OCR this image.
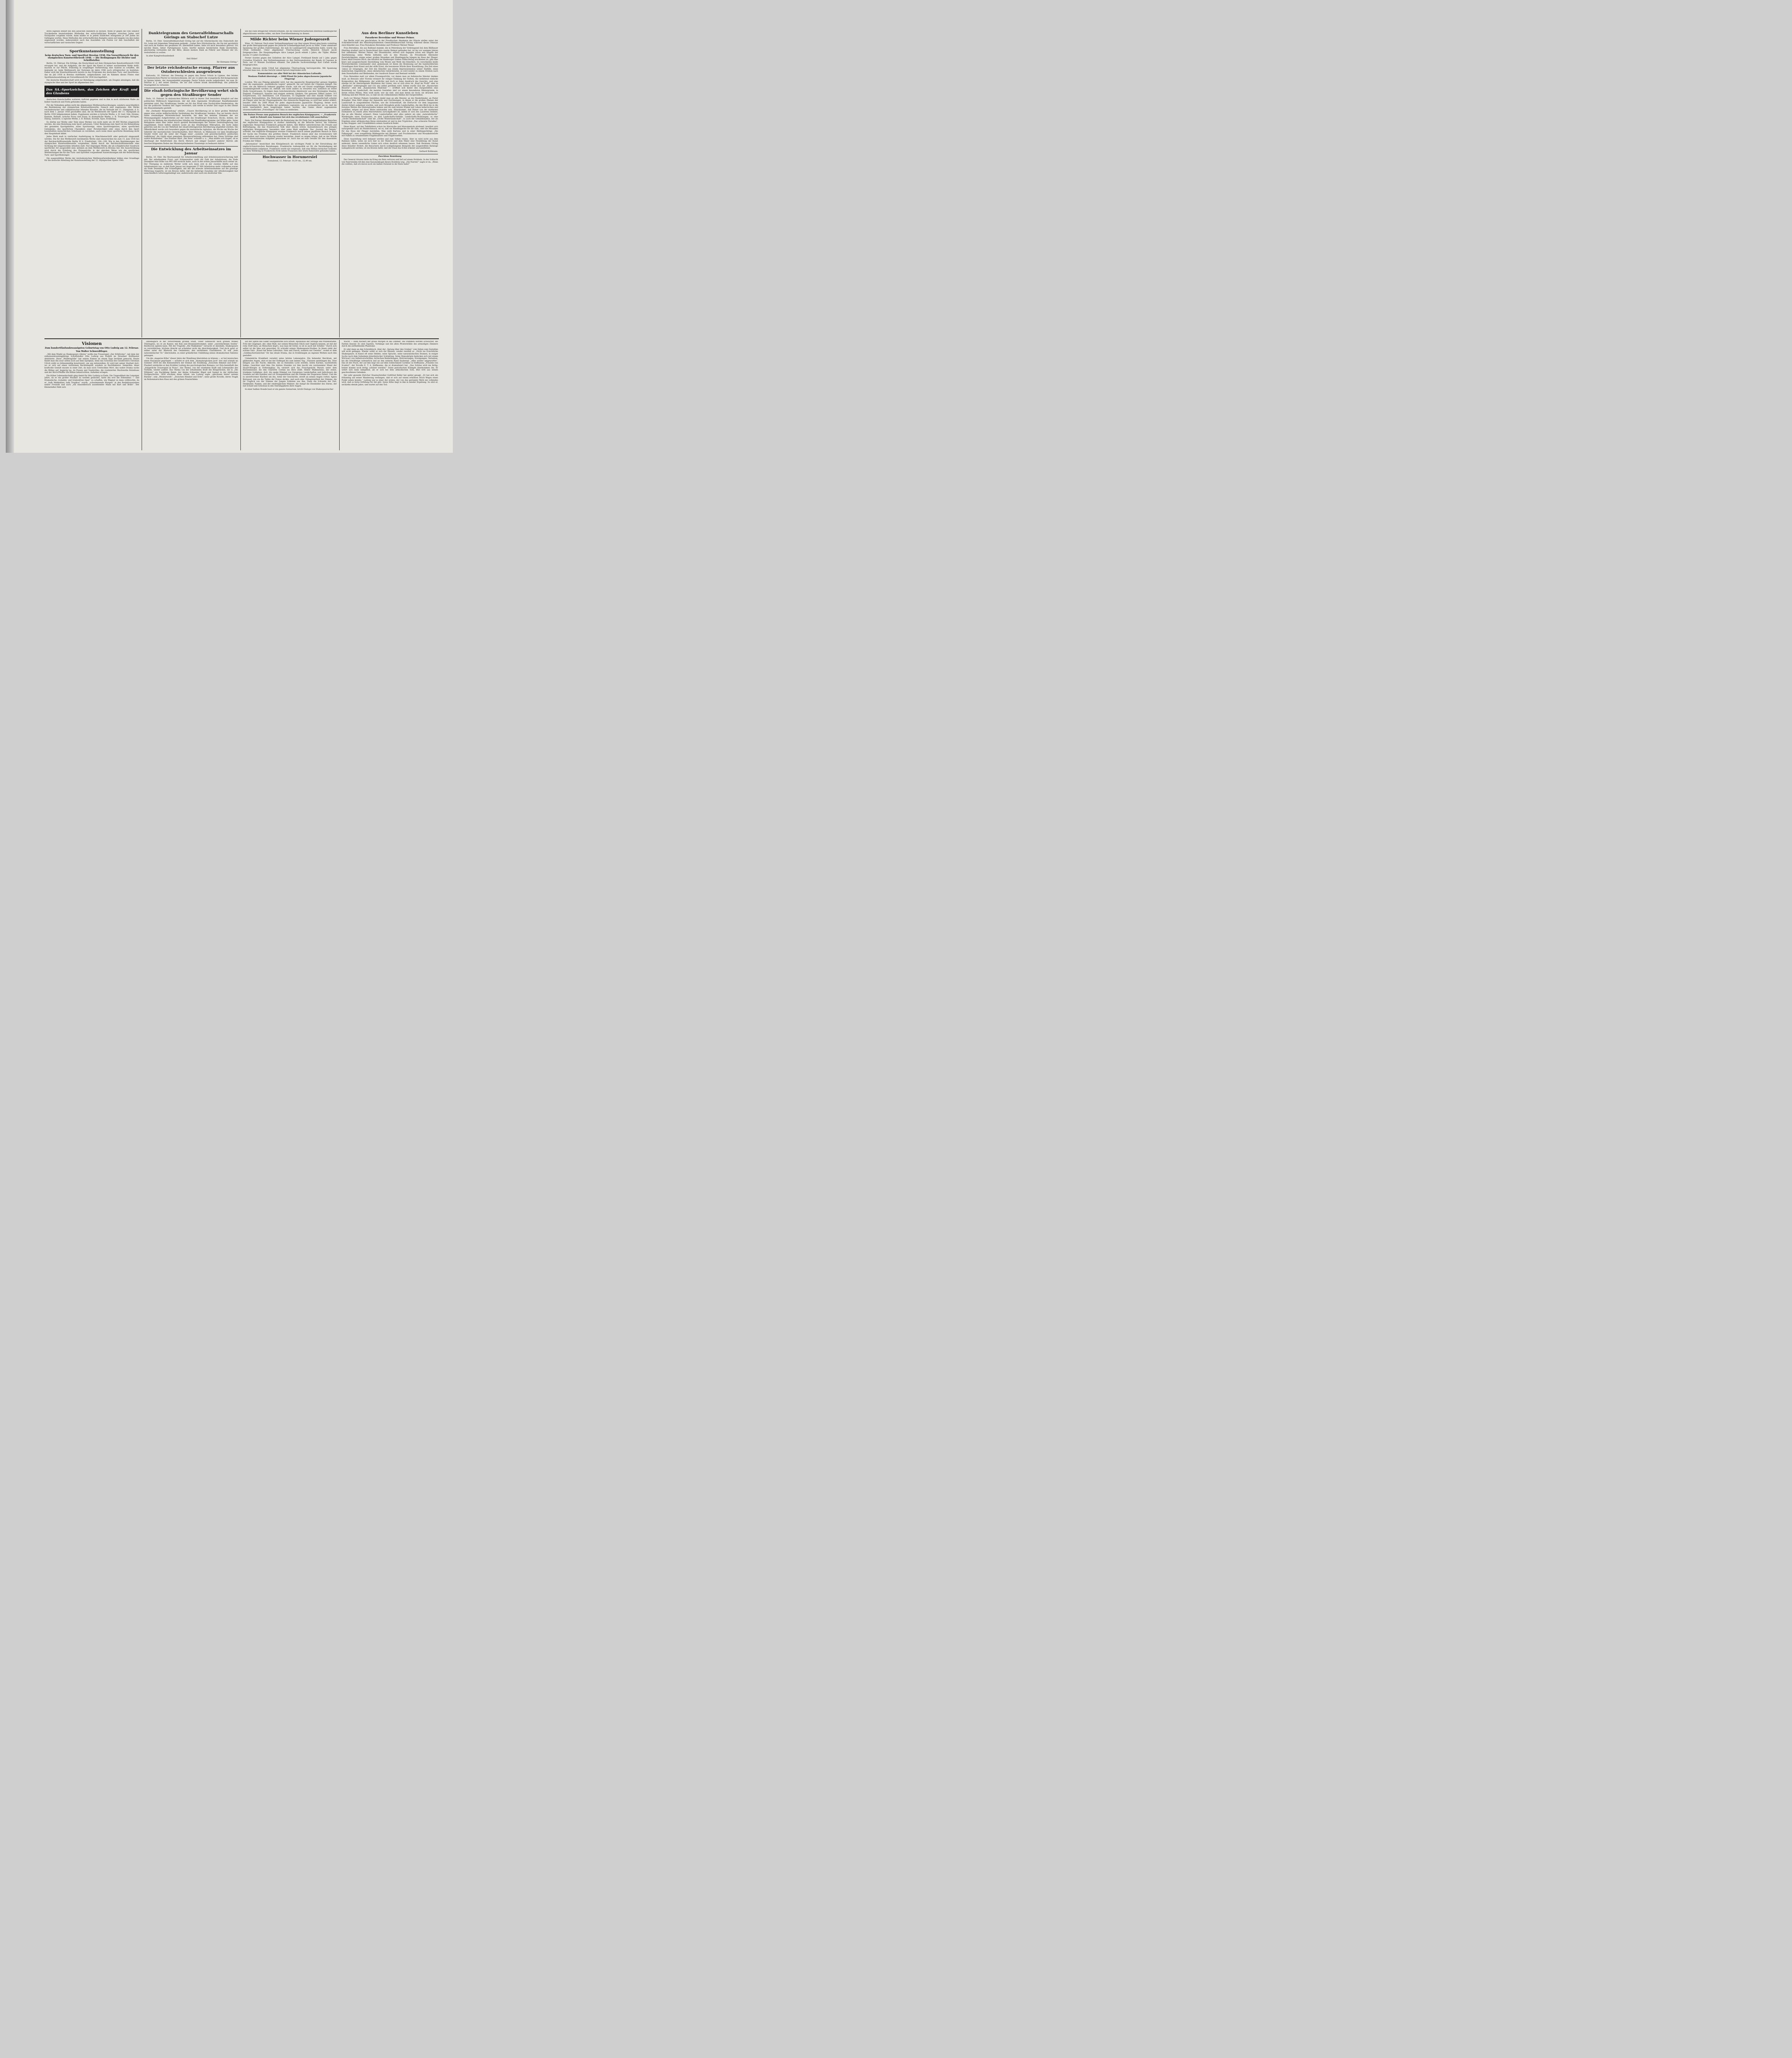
ihren eigenen Bedarf bei den jüdischen Händlern zu decken. Wenn er gegen die vom Senator Trockenheim beanstandeten Methoden des wirtschaftlichen Kampfes zwischen Juden und Nichtjuden vorgehen würde, dann müßte er in jedem Städtchen wenigstens je 200 Juden ins Gefängnis werfen. Diese Methoden des wirtschaftlichen Kampfes seien seit langem von den Juden angewandt worden, insbesondere auch das Ausstellen von Posten vor den Geschäften der wirtschaftlichen und rassischen Gegner.

Sportkunstausstellung
beim deutschen Turn- und Sportfest Breslau 1938. Ein Vorwettbewerb für den olympischen Kunstwettbewerb 1940. — Die Bedingungen für Dichter und Schriftsteller.

Berlin, 10. Februar. Die Erfolge, die Deutschland auf dem Olympischen Kunstwettbewerb 1936 errungen hat, und die Aufgaben, die der Sport der Kunst in immer wachsendem Maße stellt, machen es zur Pflicht, frühzeitig in sorgfältiger Vorbereitung eine Auslese zu schaffen, die imstande ist, beim Wettbewerb der Nationen im Jahre 1940 noch erfolgreicher zu bestehen. Daher wird der Kunstwettbewerb bereits in das Programm des deutschen Turn- und Sportfestes, das im Juli 1938 in Breslau stattfindet, aufgenommen und im Rahmen dieses Festes eine Sportkunstausstellung als Vorwettbewerb für 1938 durchgeführt.

Die deutsche Künstlerschaft wird zur Beteiligung aufgefordert, um Zeugnis abzulegen, daß die olympische Idee und der Sport im allgemeinen den

Das SA.-Sportzeichen, das Zeichen der Kraft und des Glaubens

deutschen Kunstschaffen weiteren Auftrieb gegeben und in ihm in noch stärkerem Maße als bisher Ausdruck und Form gefunden haben.

Für die Teilnahme gelten nicht die allgemeinen Wettbewerbsordnungen, sondern ausschließlich die Bestimmung des olympischen Kunstwettbewerbs. Danach sind zugelassen: Alle Werke reichsdeutscher und volksdeutscher lebender Künstler, die im Verlaufe der 11. Olympiade, d. h. nach dem 1. Januar 1936 geschaffen sind, die im Wettbewerb der Spiele der 11. Olympiade in Berlin 1936 teilgenommen haben. Zugelassen werden a) lyrische Werke, z. B. Lied, Ode, Hymne, Kantate, Ballade, lyrische Prosa und Essay, b) dramatische Werke, z. B. Trauerspiel, Hörspiel, Dialog, Szenerie, c) epische Werke, z. B. Roman, Novelle, Epos, Erzählung.

Es dürfen nur Werke oder Teile eines Werkes von nicht mehr als 20 000 Worten eingereicht werden, die eine Beziehung zum Sport aufweisen. Unter Beziehung zum Sport ist die Behandlung des gesamten Sportgebietes, eines Sportzweigs, eines Sportereignisses, eines sportlichen Gedankens, des sportlichen Charakters einer Persönlichkeit oder eines durch den Sport beeinflußten menschlichen Schicksals zu verstehen, auch wenn diese sportliche Beziehung nicht den Hauptinhalt bildet.

Jedes Werk muß in vierfacher Ausfertigung in Maschinenschrift oder gedruckt eingesandt werden. Die für den Wettbewerb bestimmten Werke sind einzureichen bis zum 15. Juni 1938 bei der Reichsschrifttumsstelle Berlin W 8, Friedrichstr. 194—199. Wie in den Bestimmungen des olympischen Kunstwettbewerbs vorgesehen, findet durch die Reichsschrifttumsstelle eine Sichtung der eingereichten Arbeiten statt. Nur diejenigen Werke, die als schöpferischer Ausdruck sportlicher Art ausgewählt sind, nehmen an dem Wettbewerb in Breslau teil. Die Ausschreibung wird durch die Erteilung des Preisgerichts in der gleichen Weise wie die sportlichen Wettleistungen die für das Turn- und Sportfest vorgesehene Auszeichnungen mit der Bezeichnung Turn- und Sportfestsieger.

Die ausgewählten Werke der reichsdeutschen Wettbewerbsteilnehmer bilden eine Grundlage für die deutsche Abteilung der Kunstausstellung der 12. Olympischen Spiele 1940.

Danktelegramm des Generalfeldmarschalls Görings an Stabschef Lutze

Berlin, 10. Febr. Generalfeldmarschall Göring hat auf die Glückwünsche des Stabschefs der SA. Lutze mit folgendem Telegramm gedankt: „Lieber Ihre Glückwünsche, die Sie mir persönlich und auch im Namen der gesamten SA. übermittelt haben, habe ich mich besonders gefreut. Ich möchte Ihnen, lieber Parteigenosse Lutze, hierfür meinen herzlichsten Dank übermitteln, gleichzeitig verbunden mit der Bitte, diesen meinen Dank an Führer und Männer der SA. weiterleiten zu wollen.

In alter Kampfverbundenheit

Heil Hitler!

Ihr Hermann Göring."

Der letzte reichsdeutsche evang. Pfarrer aus Ostoberschlesien ausgewiesen

Kattowitz, 10. Februar. Am Dienstag ist gegen den Pastor Scholz in Lipiene, den letzten reichsdeutschen Pfarrer in Ostoberschlesien, der als 12 Jahre die evangelische Kirchengemeinde in Lipiene leitete, der Ausweisbefehl ergangen. Pastor Scholz wurde aufgefordert, bis zum 28. Februar d. J. mit seiner Ehefrau, die zur Zeit schwer krank darniederliegt, das polnische Staatsgebiet zu verlassen.

Die elsaß-lothringische Bevölkerung wehrt sich gegen den Straßburger Sender

Paris, 10. Februar. In elsässischen Blättern wird in letzter Zeit besonders dringlich auf den politischen Mißbrauch hingewiesen, der mit dem regionalen Straßburger Rundfunksender getrieben wird. Der Straßburger Sender sei für das Elsaß eine Nachrichten-Sendestation, die nur die politische Tendenz des Tages verbreitet, und werde in letzter Zeit sogar in den Dienst des Klassenkampfes gestellt.

Die „Dorbader Bürgerzeitung“ erklärt: „Unsere Bevölkerung ist in ihrer großen Mehrheit gegen eine solche mißbräuchliche Verdrehung des Straßburger Senders. Das sei bereits durch einen zweimaligen Hörerentscheid bewiesen, bei dem die meisten Stimmen der zur Meinungsabgabe Aufgefordeten auf der Seite des Straßburger Domchors, Hochs, stehen, der sich für die Bildung des künstlerischen Inhaltes der Rundfunkprogramme viel Mühe gebe. Seine Befugnisse seien aber leider durch speziell Bestimmungen der Pariser Zentralregierung fast eingedämmt. Diese ließen nämlich Leute an das Straßburger Mikrophon, die nicht dahin gehörten und die von der Mehrheit der elsaß-lothringischen Bevölkerung abgelehnt würden. Die Öffentlichkeit werde sich besonders gegen die marxistische Agitation, die Woche um Woche der Sekretär der marxistischen Gewerkschaften, Herr Mersch, in Mülhausen vor dem Straßburger Sender treibt und die unter der Flagge einer „sozialen und gewerkschaftlich politischen Aufklärung“ die Gipfel einer gemeinen Massenverhetzung erklommen hat. Diese Vorträge sind wahre Brandreden.“ Das Elsässer Blatt „Der Bote“ schreibt u. a.: „Man müßte sich fragen, ob es überhaupt der Redefreiheit des Herrn Mersch und einiger hundert anderer Herren alle beschwichtigenden Reden des Ministerpräsidenten Chautemps zu bedauern hätten.“

Die Entwicklung des Arbeitseinsatzes im Januar

Berlin, 10. Febr. Die Reichsanstalt für Arbeitsvermittlung und Arbeitslosenversicherung teilt mit: Bei anhaltendem Frost- und Schneewetter zieht die Zahl der Arbeitslosen, die Ende Dezember eine Höhe von 995 000 erreicht hatte, auch in der ersten Januarhälfte noch weiter an. Der Übergang zu milderem Wetter wirkt sich dann erst in der zweiten Hälfte auf den Arbeitseinsatz aus, so daß Ende Januar nur insgesamt 57 000 Arbeitslose mehr vorhanden waren als Ende Dezember. Die Schnelligkeit, mit der die erneute Arbeitsaufnahme auf die günstige Witterung reagierte, ist ein Beweis dafür, daß die bisherige Zunahme der Arbeitslosigkeit fast ausschließlich witterungsbedingt war, andererseits aber auch ein deutlicher Hin-

wie die Fälle dringlicher Arbeitsvorhaben, die im volkswirtschaftlichen Interesse baldmöglichst abgeschlossen werden sollen, um ihrer Zweckbestimmung zu dienen.

Milde Richter beim Wiener Judenprozeß

Wien, 10. Februar. Nach einer Verhandlungsdauer von über einem Monat ging heute vormittag der große Betrugsprozeß gegen die jüdische Schieberfippschaft Jacob zu Ende. Unter atemloser Spannung der großen Zuhörermenge, die sich im Landesgericht eingefunden hatte, wurde das Urteil verkündet. Unter allgemeiner Überraschung wurde Heinrich Eduard Jacob freigesprochen. Die Hauptangeklagte Alice Lampel Jacob erhielt 2 Jahre, die 70jähr. Mutter Jacobs 1½ Jahre Zuchthaus.

Ferner wurden gegen den Geliebten der Alice Lampel, Ferdinand Kende auf 1 Jahr, gegen Cornelius Friedrich, den Verbindungsmann zu den Vertrauensleuten der Bande Al Capones in Paris, auf 15 Monate Zuchthaus erkannt. Der jüdische Sachverständige Karl Caftan wurde freigesprochen.

Dieses überaus milde Urteil hat allgemeine Überraschung hervorgerufen. Mit Spannung erwartet man nun, ob das Gericht seinen Spruch begründen wird.

Kommunisten aus aller Welt bei der chinesischen Luftwaffe.
Moskaus Einfluß überwiegt. — 2000 Pfund für jedes abgeschossene japanische Flugzeug!

London. Wie aus Peiping gemeldet wird, hat das japanische Hauptquartier genaue Angaben über die sogenannte „ausländische Legion“ gemacht, die auf Seiten der Chinesen kämpft. Die Liste, die am Mittwoch bekannt gegeben wurde, und die auf Grund sorgfältiger Meldungen zusammengestellt worden ist, enthält, wie nicht anders zu erwarten war, natürlich an erster Stelle Sowjetrussen. Es folgen dann bolschewistische Abenteurer aus den Vereinigten Staaten, England, Frankreich, Spanien und einigen anderen Ländern. Die genauen Ziffern lauten: 315 Sowjetrussen, 152 Amerikaner, 124 Franzosen, 55 Engländer und eine Anzahl Söldner von anderen Nationalitäten. Die Mehrzahl dieser internationalen Kommunistengesellschaft arbeitet als Flieger oder bei der Flugzeugabwehr. Die chinesische Regierung, so wird hier weiter erklärt, bezahle 1000 bis 2000 Pfund für jedes abgeschossene japanische Flugzeug, ferner noch Sonderprämien für die Familie der gefallenen Legionäre; um so erstaunlicher sei es, daß die nicht unerheblich dazu beigetragen haben werden, das Ganze dieser sogenannten wissenschaftlichen „Freiwilligen“ für China zu entdecken.

Die Pariser Presse zum geplanten Besuch des englischen Königspaares. — „Frankreich muß in Zukunft zum Sommer bei sich das revolutionäre Gift ausschalten.“

Paris. Die Pariser Abendpresse hebt die Bedeutung des für Ende Juni angekündigten Besuches des englischen Königspaares in starker Anlehnung an die Besuche hervor, die früheren englischen Monarchen Frankreich gemacht haben. Alle Blätter unterstreichen die Freude und Befriedigung, die das französische Volk über diesen ersten Auslandsbesuch des jetzigen englischen Königspaares, besonders aber seine Wahl empfinde. Das „Journal des Debats“ schreibt, das englische Königspaar erweise Frankreich durch seinen geplanten Besuch in Paris der Sache des Friedens den größten Dienst. Frankreich müsse aber das revolutionäre Gift ausschalten und innere Ordnung wieder herstellen, damit es zeigen könne, daß es der Würde seiner internationalen Aufgaben gewachsen ist. Auch das sei eine Gewähr für den dauernden Frieden der Völker.

„Information“ bezeichnet den Königsbesuch als wichtigen Punkt in der Entwicklung der englisch-französischen Beziehungen. Frankreichs Außenpolitik sei für die Verständigung mit Großbritannien aufgebaut. Frankreich werde nie vergessen, daß eine Million britischer Soldaten aus dem Weltkrieg in Frankreichs Erde neben Franzosen ihre letzte Ruhestätte gefunden haben.

Hochwasser in Horumersiel

Sonnabend, 12. Februar: 10,19 vm., 22,49 nm.

Aus den Berliner Kunstleben
Paraskewe Bereskine und Werner Peiner.

Aus Berlin wird uns geschrieben: In der Preußischen Akademie der Künste stellen unter der Schirmherrschaft des Ministerpräsidenten Generalfeldmarschall Göring während dieses Februar zwei Künstler aus: Frau Paraskewe Bereskine und Professor Werner Peiner.

Frau Bereskine, die aus Rußland stammt, die in Petersburg der Vorkriegszeit bei dem Bildhauer Eberling studiert und in Deutschland ihre zweite Heimat gefunden hat, ist bis vor wenigen Jahren fast unbekannt. Werner Peiner, der Düsseldorfer, erfreut sich dagegen schon seit langem der Anerkennung; seine Werke befinden sich in den Museen, im Privatbesitz führender Persönlichkeiten, einige seiner großen Mosaiken und Wandteppiche hängen im Haus der Flieger. Ernst Adolf Dreyers Buch, das kürzlich im Hamburger Gieben Stäbe-Verlag erschienen ist, gibt eine klare und ausgezeichnete Darstellung vom Wesen und Werk des Künstlers. So verschieden beide Persönlichkeiten voneinander sind, gemeinsam ist ihnen die Besinnung auf die handwerklichen Grundlagen ihrer Kunst und der stille Ernst, die besonnene Würde ihrer Kunstübung. Die Zeit eines -ismus ist vergangen, der Zeit des Künstler aus einem Impressionismus seiner Einfälle, eines malerischen Augenblicks, eines ekstatischen Gebärdenstils, es wird wieder zu einem Streben nach dem Dauerhaften und Bleibenden, der Ausdruck Dauer und Bestand verleiht.

Frau Bereskine malt vor allem Frauenporträts, vor denen man an italienische Meister denken muß, an Benozzo oder Florenz erinnert ihr ruhiger Einklang der Farben, die entfaltend einfache Komposition des Bildganzen, der schlichte und doch so feine Ausdruck des Gesichts, und eine einzige ist ihr überzeugende Rhythmus der Linien, wie er sich etwa im „Kopf im Profil“ oder in „Betenden“ widerspiegelt und von uns selbst gerühmt wird. Selten wurde sich der „Russischen Bäuerin“ oder den „Kalamischen Mädchen“ — eröffnet sich hinter den Dargestellten eine Beziehung zur Landschaft, die meisten Gestalten sind vor einem besonderen Hintergrunde, in ihrem reinen Milieu. Man weiß nicht, wer sie sind, und man kennt sie doch; sie drücken ihre Stellung und ihre Würde aus, so daß sie ein vollkommenes Bildnis der Dargestellten.

Auch vor Werner Peiners Gemälden denkt man an alte Meister, an die Niederländer, an Pieter Breughel. Man fühlt einige der Aquarelle und Zeichnungen, in denen er die großen Ebenen der Landschaft in ausgedehnten Flächen, wie die Schwerkraft, die Ehrfurcht vor dem langsamen Atelier-Arbeit aufgebaut wurden, und auch Breughels große Landschaften, die den Blick bis in die fernsten Weiten des Hintergrundes lenken und bis zum letzten Winkel mit Leben beherrschen und ausfüllen, mögen auf diese Weise entstanden sein. Hinzukommt, daß Peiner von der modernen Dolmalerei zu einem alten Malverfahren zurückgekehrt ist, indem er sich des Lasierens bedient, das an alle Meister erinnert. Diese Landschaften sind alles andere als eine „naturalistische“ Wiedergabe eines Erschauten, es sind Landschafts-Gebilde, Landschafts-Dichtungen; so eine „Große Herbstlandschaft“ oder die „Große Winterlandschaft“, so auch der Gemäldezyklus, der als Ergebnis einer afrikanischen Reise entstanden ist und in den Tryptichon „Das schwarze Paradies“, in den Steppen- und Urwaldbildern seinen Ausdruck findet.

Diese Kunst, auf den Tafelbildern schon ins Heroische und Monumentale strebend, bewährt sich naturgemäß auch als Wandschmuck, sei es, daß sie Wandteppiche für die Säle, oder die Mosaiken für das Haus der Flieger darstellen. Man sieht Kartons und in einer Bildteppichfolge „Die Falkenjagd“, zwei ausgeführte Bildteppiche mit Blumen- und Fruchtmotiven und Mosaikentwürfe mit Falken zu ornamentalen Flügelmustern und Flügelrosetten.

Diese Ausstellung wird bekannt werden und zum Sehen reizen. Aber es wird nicht aus dem Rahmen fallen, wenn sie sich hier in der Malerei und dem Maler eine Neubildung der Kunst andeutet, deren wesentliche Linien sich schon deutlich erkennen lassen. Daß Hermann Göring diese Künstler fördert, die Besuchern durch wohlgelungene Beispiele der ausgestellten Kataloge nahegebracht werden, ist ein Beweis dafür, daß der Staat das Echte erkennt und anerkennt.

Gerhard Bohlmann.
Zwecklose Bemühung

Der General Alvarez hatte im Krieg ein Bein verloren und lief auf einem Holzbein. In der Schlacht von Neerwinden riß ihm eine Kanonenkugel dieses Holzbein weg. „Die Narren!“ sagte er da. „Wenn die wüßten, daß ich davon noch ein halbes Dutzend in der Kiste habe!“

Visionen
Zum hundertfünfundzwanzigsten Geburtstag von Otto Ludwig am 12. Februar.
Von Walter Schwerdtfeger.

„Mit dem Wipfel an Shakespeare rühren“ wollte das Trauerspiel „Der Erbförster“, mit dem der siebenundzwanzigjährige Schriftsteller Otto Ludwig aus Eisfeld im Dresdner Hoftheater debütierte. Diese „Waldtragödie“ hat seinen Namen an einem Tage berühmt gemacht. Heute findet man ihn zwar selten noch auf dem Spielplan, denn das Schicksal des Gutsförsters Christian Ulrich wirkt zu bühnenmäßig konstruiert, um uns mitzureißen. Er wird mit seiner Sturheit dort, wo er sich auf einen verlorenen Rechtsbegriff, sondern zu Rechthaberei. Immerhin: diese kraftvolle Gestalt musste in einer Zeit, da man noch Treitschkes Wort, das wahre Drama suche die Bühne auf, begierig las, da Possen und Vaudevilles, die routinierten Machwerke Kotzebues und der Birch-Pfeiffer die Bühne beherrschten, Aufsehen erregen.

Ein früher Lebensabschnitt ging damit für Otto Ludwig zu Ende. Die Ungewißheit der Leipziger Jahre, da er ein großer Musiker zu werden gedachte, hatte ihn erst die Erkenntnis — und Dramatische, rouladen- und tirabenfreie Oper“ zu schaffen, wie Wagner es dann vollbrachte, da er „halb Makkabäer, halb Tragikus“ wurde, „schwimmende Wangen“ in den Redaktionsstuben seiner Freunde und auch „ein einsiedlerisch aussehender Mann mit Bart und Brille“. Der Kleinstädter fühlt sich

unbehaglich in der verwirrenden großen Stadt, voller Sehnsucht nach grünen Winkel Thüringens, wo er als Kantor, mit Kuh und Botanisiertrommel, unter „unverdorbenen Seelen“ Beethoven spielen kann. Mit der Tragödie „Die Makkabäer“ versucht er ebenfalls, Shakespeare zu verwirklichen; höchste Absicht sei scheinbar nicht die Absichtslosigkeit. Und doch spürt er selber unter der Rhetorik des Gedankens, den zerfallenen Charakteren. Er will „kein naturalistischer Tic“ überwinden, zu einer gründlichen Umbildung seines dramatischen Talentes gelangen.

Um die „mageren Kühe“ dieser Jahre der Wandlung überstehen zu können — er hat inzwischen einen Hausstand gegründet — wendet er sich dem „dramaturgischen Joch“ frei und schrieb im Sommer 1854 bei den Kleinstädtern der Heimat die Erzählung „Zwischen Himmel und Erde“. Flaubert entdeckte er den Erzähler Ludwig des psychologischen Romans; vor Zola beeinflußt das „bürgerliche Trauerspiel in Prosa“, das Thema, von der ersehnten Kraft und Lebensnähe des Vorbilds, wieder auflebt. Das Thema von der erhaltenden Kraft des Bürgerlichen, die in „Die Wildente“ ein Nachklang findet: der kleine Schneider Bügel und Sannel in der idyllischen Dorfgeschichte. 1856 erschien diese Arbeit, wie Ludwig sagte „gleichsam hinter seinem Rücken“, sein „Meisterwerk“. „Zwischen Himmel und Erde“; seine große Novelle, deren Tragik im Rettenmairschen Haus mit den grünen Fensterläden

auf der Spitze des Sankt Georgenturms sich erfüllt: Apollonius der Strenge und Willensstarke, Fritz der Gegenpol, der, ohne Maß, nur seinen Menschen Glück und Unglück nennen, ist mit der rohe Stoff dazu: an Menschen liegt's, was man ihr formt; so ist es auch mit Schiller.“ Durch sich selbst ist die Idee erst geworden. Er schreibt seinen Shakespeare-Studien. In ihnen steht der schöne Satz: „Kunst hat keine Lehrsätze, Sinn und Zweck, sondern nur Gesetze“, womit er dem „Goldmachereizeichen“ für das ideale Drama, das in Erzählungen an eigenen Werken nach ihm gestaltet.

Unheimliche Krankheit verzehrt seine letzten Lebensjahre. Ein liebender Reichtum, mit glühenden Augen, sitzt er bei der Erdkugel bis zum letzten Tag; „Visionen umdrängen ihn, Töne klingen aus der Nacht; Akkorde, die zu flutenden Licht werden, leiten Karmin, nachtiefsten Indigo. Gesichter sind ihm: Die letzten Stunden vor ihm taucht ein verstummter Mund der Stuart-Königin in Fotheringhay. Da verzerrt sich das Froschgesicht Marats unter dem Küchenmesser, die ihm Charlotte Cordan ins Herz stößt. Hinter Wallensteins, der stolze, trunkene Goldglanz, dort, die opake Himmel von Giorgiones Landschaften und tiefschwarz die Gondeln auf den Kanälen und vor Drangenblüten und die Stimme der Dogaressa Falieri. Und die in unverfrorener Klarheit um ihn, Arme der Geschichte, streift an seinen Augen vorbei: Agnes Bernauer, wie sie die Tiefen der Donau deckte, und auch eine Unbegrenztheit der Stimme, die ihr Unglück von der Stimme der Jungen Soldaten aus ihm. Dann die Schwelle der Zeit, Denkmäler, Namen, und der eindringlichste Mahner: die dumpf die Ebenbilder des Sterns, der mit Schuld und Schicksal in den Sternfapphiren ihrer Augen.

In einer halben Stunde baut er ein ganzes Szenarium, bricht Dialoge von Shakespearescher

Wucht — dann flackert der graue Morgen in das Zimmer. Die Stimmen werden schwächer, die Farben blasser. Es sind Tapeten, Vorhänge und die alten Pfosterstühle des armseligen Zimmers durch die zerfließenden Phantome.

Er sitzt dann an den Schreibtisch. Aber der „Sprung über den Graben“ vom Sehen zum Gestalten will nicht gelingen. Wieder wählt er sich die Skizzen, wieder zweifelt er. „Nicht ins Ersichtliche Shakespeare, in Kunst oft seine Helden, seine Sprache, seine naturalistischen Dramen, in ewiger Suche nach dem Geheimnis künstlerischer Schöpfung. Seine Manuskripte bedecken sich mit einem Wirrwarr von Selbstvorschriften, kritischen Bemerkungen, Motivierungen, Erwägungen, Varianten, bis die Schriftzüge unleserlich und an den unteren Rand flackernd: „Alles wieder umgeworfen“. Das ist der Fluch, der auf ihm liegt wie auf dem Goldschmied Cardillac in Hoffmanns „Fräulein von Scuderi“, der Novelle E. T. A. Hoffmanns, die er dramatisiert hat. „Das Schöne wird nie fertig; keiner kommt noch fertig; schöner werden!“ Seine periodischen Krämpfe überkommen ihn. Er wehrt sich dann kämpfend, als er sich bei dem altmodischen Sofa, Blut tritt aus seinen geschwollenen Gelenken.

Der sehr gesunde Züricher Staatsschreiber Gottfried Keller hat später gesagt: „Er hat sich ein frühzeitig auf seiner Wanderung verfangen, daß er sich auf einem erhöhten Stück Weges einen Punkt sehen konnte.“ Ludwig war ja einer der ersten, der von das geräumte Werk nie vollenden wird, daß so ferne Erfüllung für ihn gibt. Seine Höhe liegt in ihm in minder Ergebung. So sitzt er, sechzehn elende Jahre, und wartet auf den Tod.
